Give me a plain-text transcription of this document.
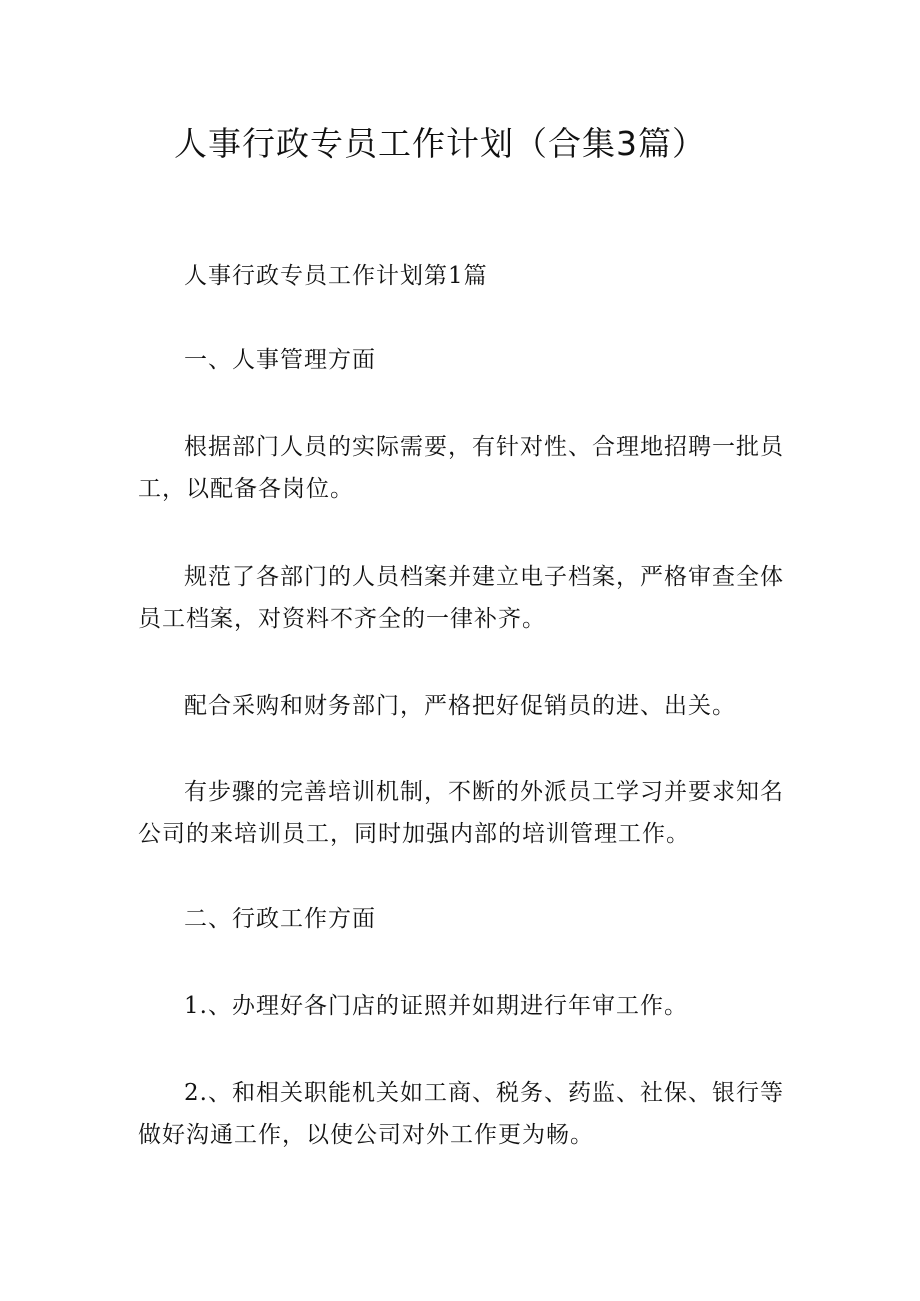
人事行政专员工作计划（合集3篇）

人事行政专员工作计划第1篇

一、人事管理方面

根据部门人员的实际需要，有针对性、合理地招聘一批员工，以配备各岗位。

规范了各部门的人员档案并建立电子档案，严格审查全体员工档案，对资料不齐全的一律补齐。

配合采购和财务部门，严格把好促销员的进、出关。

有步骤的完善培训机制，不断的外派员工学习并要求知名公司的来培训员工，同时加强内部的培训管理工作。

二、行政工作方面

1.、办理好各门店的证照并如期进行年审工作。

2.、和相关职能机关如工商、税务、药监、社保、银行等做好沟通工作，以使公司对外工作更为畅。
